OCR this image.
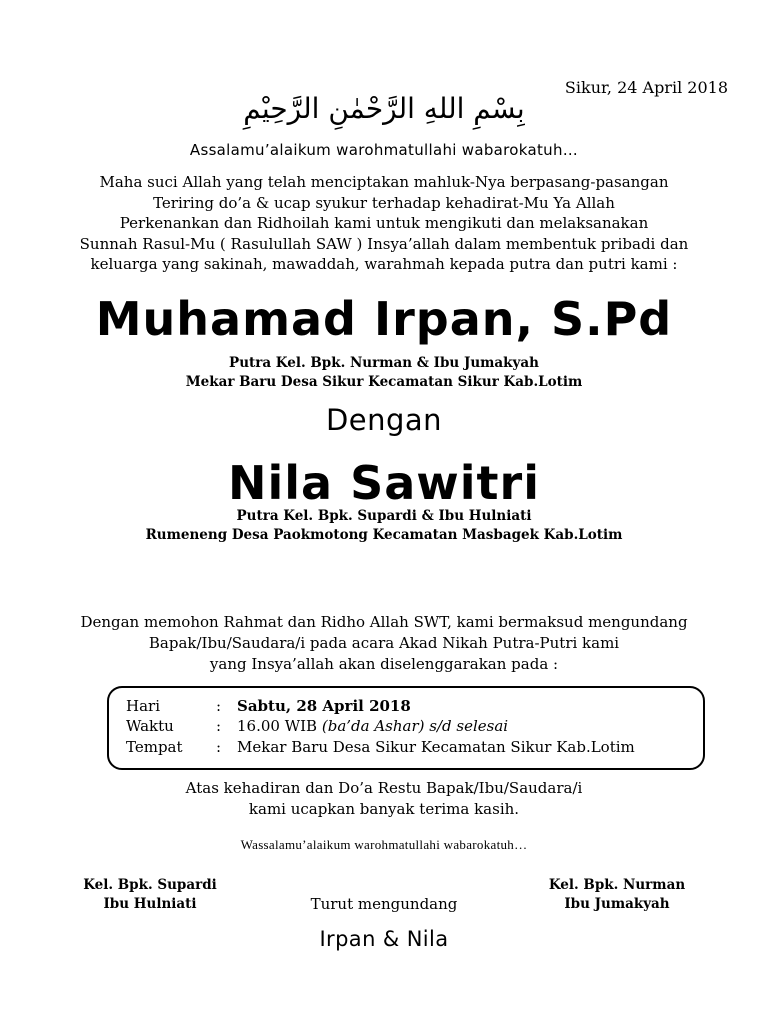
Sikur, 24 April 2018
بِسْمِ اللهِ الرَّحْمٰنِ الرَّحِيْمِ
Assalamu’alaikum warohmatullahi wabarokatuh…
Maha suci Allah yang telah menciptakan mahluk-Nya berpasang-pasangan
Teriring do’a & ucap syukur terhadap kehadirat-Mu Ya Allah
Perkenankan dan Ridhoilah kami untuk mengikuti dan melaksanakan
Sunnah Rasul-Mu ( Rasulullah SAW ) Insya’allah dalam membentuk pribadi dan
keluarga yang sakinah, mawaddah, warahmah kepada putra dan putri kami :
Muhamad Irpan, S.Pd
Putra Kel. Bpk. Nurman & Ibu Jumakyah
Mekar Baru Desa Sikur Kecamatan Sikur Kab.Lotim
Dengan
Nila Sawitri
Putra Kel. Bpk. Supardi & Ibu Hulniati
Rumeneng Desa Paokmotong Kecamatan Masbagek Kab.Lotim
Dengan memohon Rahmat dan Ridho Allah SWT, kami bermaksud mengundang
Bapak/Ibu/Saudara/i pada acara Akad Nikah Putra-Putri kami
yang Insya’allah akan diselenggarakan pada :
Hari	: Sabtu, 28 April 2018
Waktu	: 16.00 WIB (ba’da Ashar) s/d selesai
Tempat : Mekar Baru Desa Sikur Kecamatan Sikur Kab.Lotim
Atas kehadiran dan Do’a Restu Bapak/Ibu/Saudara/i
kami ucapkan banyak terima kasih.
Wassalamu’alaikum warohmatullahi wabarokatuh…
Kel. Bpk. Supardi
Ibu Hulniati
Kel. Bpk. Nurman
Ibu Jumakyah
Turut mengundang
Irpan & Nila
